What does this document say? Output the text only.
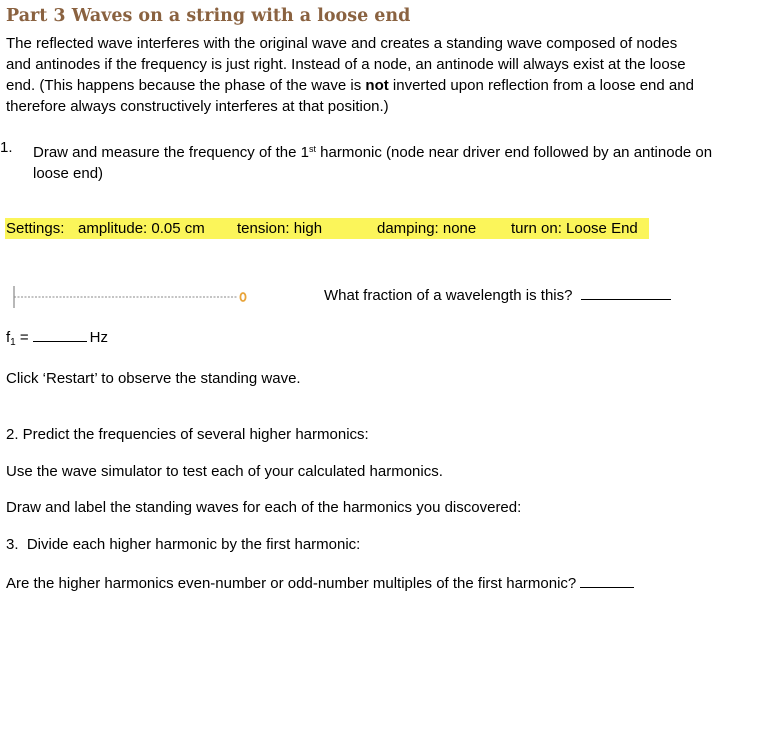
Part 3 Waves on a string with a loose end
The reflected wave interferes with the original wave and creates a standing wave composed of nodes and antinodes if the frequency is just right. Instead of a node, an antinode will always exist at the loose end. (This happens because the phase of the wave is not inverted upon reflection from a loose end and therefore always constructively interferes at that position.)
1. Draw and measure the frequency of the 1st harmonic (node near driver end followed by an antinode on loose end)
Settings: amplitude: 0.05 cm tension: high	damping: none turn on: Loose End
What fraction of a wavelength is this?
$f_1$ =	Hz
Click ‘Restart’ to observe the standing wave.
2. Predict the frequencies of several higher harmonics:
Use the wave simulator to test each of your calculated harmonics.
Draw and label the standing waves for each of the harmonics you discovered:
3.  Divide each higher harmonic by the first harmonic:
Are the higher harmonics even-number or odd-number multiples of the first harmonic?
